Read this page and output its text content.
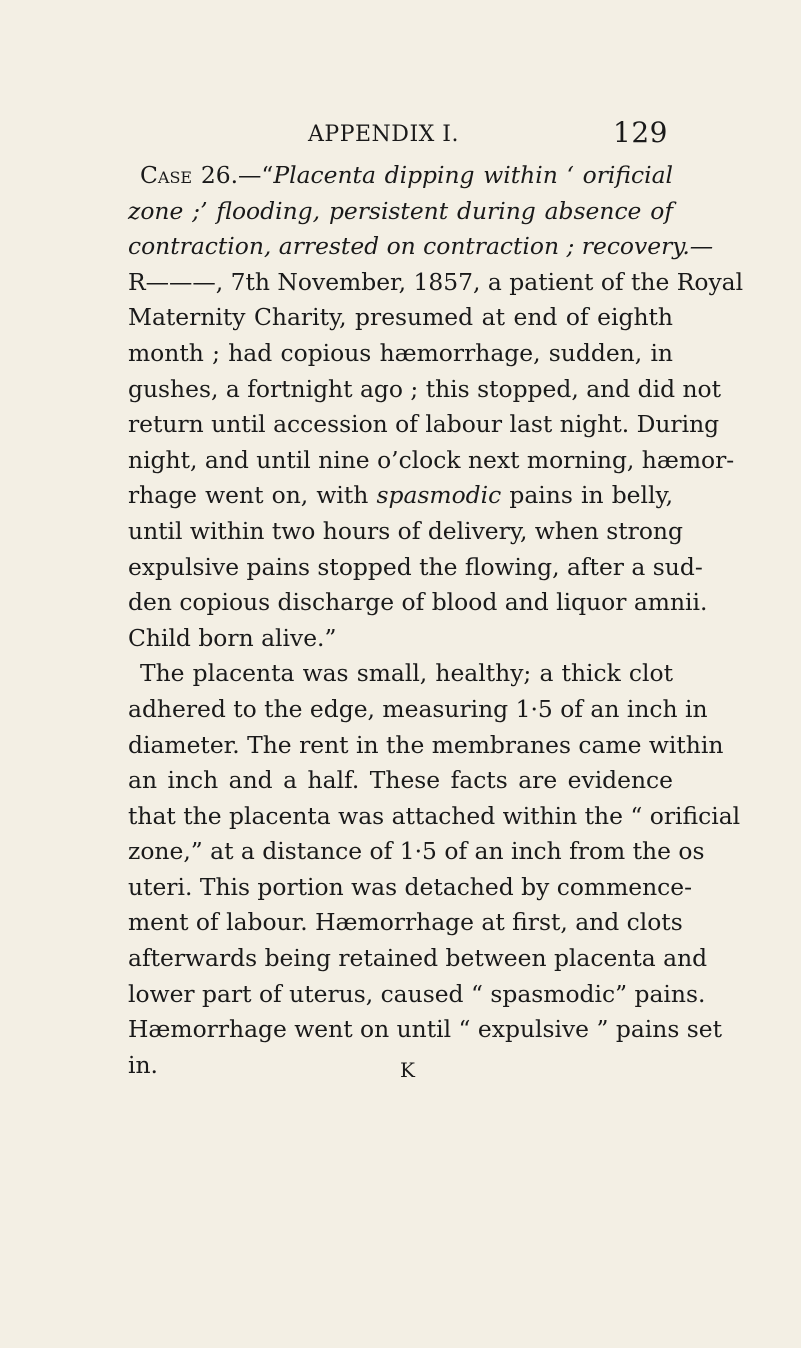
APPENDIX I.	129
Case 26.—“Placenta dipping within ‘ orificial
zone ;’ flooding, persistent during absence of
contraction, arrested on contraction ; recovery.—
R———, 7th November, 1857, a patient of the Royal
Maternity Charity, presumed at end of eighth
month ; had copious hæmorrhage, sudden, in
gushes, a fortnight ago ; this stopped, and did not
return until accession of labour last night. During
night, and until nine o’clock next morning, hæmor-
rhage went on, with spasmodic pains in belly,
until within two hours of delivery, when strong
expulsive pains stopped the flowing, after a sud-
den copious discharge of blood and liquor amnii.
Child born alive.”
The placenta was small, healthy; a thick clot
adhered to the edge, measuring 1·5 of an inch in
diameter. The rent in the membranes came within
an inch and a half. These facts are evidence
that the placenta was attached within the “ orificial
zone,” at a distance of 1·5 of an inch from the os
uteri. This portion was detached by commence-
ment of labour. Hæmorrhage at first, and clots
afterwards being retained between placenta and
lower part of uterus, caused “ spasmodic” pains.
Hæmorrhage went on until “ expulsive ” pains set
in.	K
